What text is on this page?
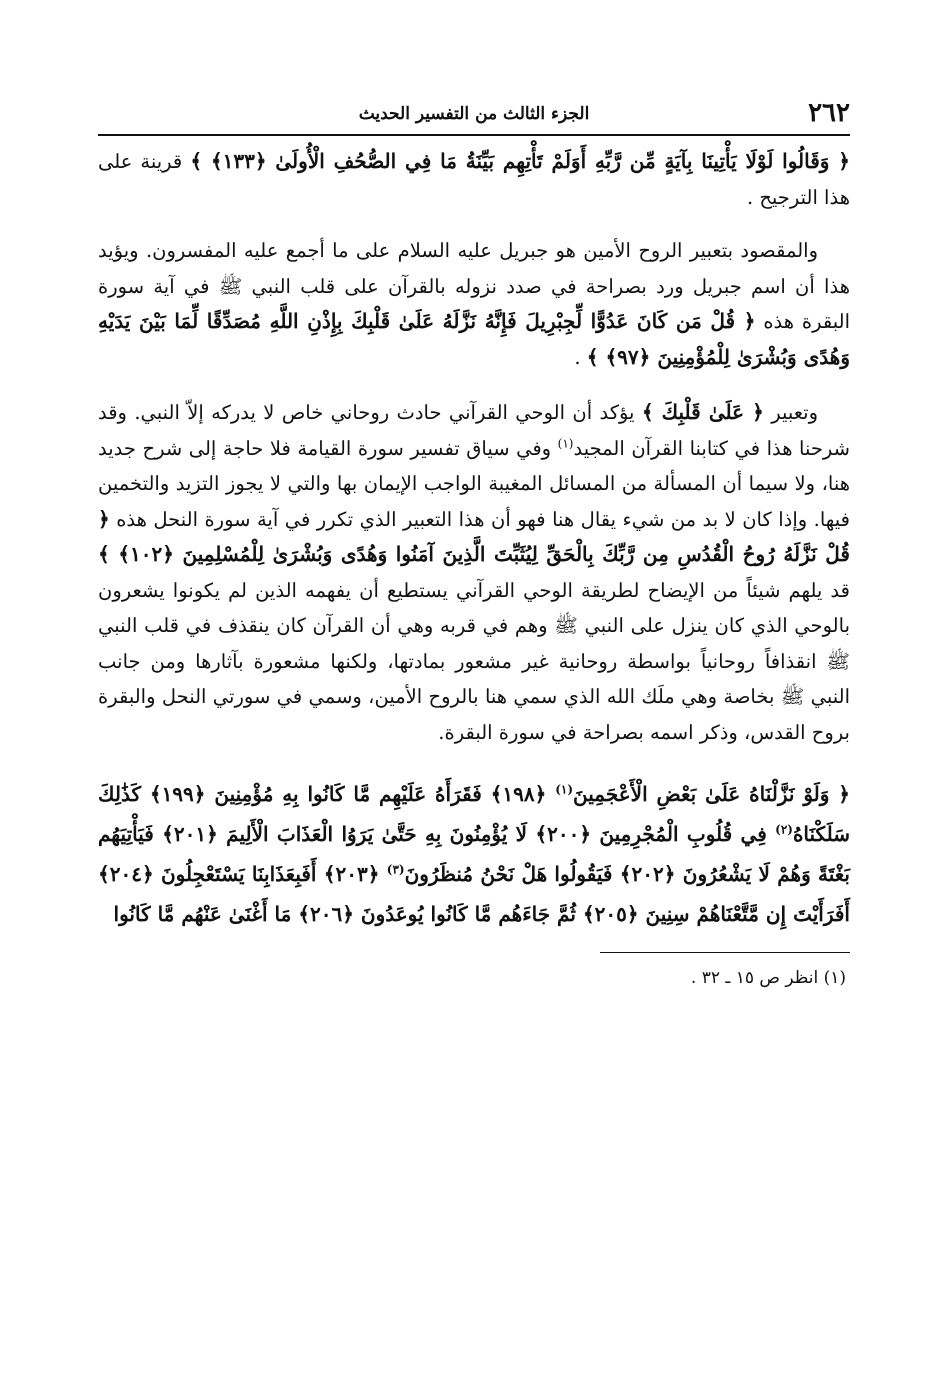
٢٦٢
الجزء الثالث من التفسير الحديث

﴿ وَقَالُوا لَوْلَا يَأْتِينَا بِآيَةٍ مِّن رَّبِّهِ أَوَلَمْ تَأْتِهِم بَيِّنَةُ مَا فِي الصُّحُفِ الْأُولَىٰ ﴿١٣٣﴾ ﴾ قرينة على هذا الترجيح .

والمقصود بتعبير الروح الأمين هو جبريل عليه السلام على ما أجمع عليه المفسرون. ويؤيد هذا أن اسم جبريل ورد بصراحة في صدد نزوله بالقرآن على قلب النبي ﷺ في آية سورة البقرة هذه ﴿ قُلْ مَن كَانَ عَدُوًّا لِّجِبْرِيلَ فَإِنَّهُ نَزَّلَهُ عَلَىٰ قَلْبِكَ بِإِذْنِ اللَّهِ مُصَدِّقًا لِّمَا بَيْنَ يَدَيْهِ وَهُدًى وَبُشْرَىٰ لِلْمُؤْمِنِينَ ﴿٩٧﴾ ﴾ .

وتعبير ﴿ عَلَىٰ قَلْبِكَ ﴾ يؤكد أن الوحي القرآني حادث روحاني خاص لا يدركه إلاّ النبي. وقد شرحنا هذا في كتابنا القرآن المجيد$^{(١)}$ وفي سياق تفسير سورة القيامة فلا حاجة إلى شرح جديد هنا، ولا سيما أن المسألة من المسائل المغيبة الواجب الإيمان بها والتي لا يجوز التزيد والتخمين فيها. وإذا كان لا بد من شيء يقال هنا فهو أن هذا التعبير الذي تكرر في آية سورة النحل هذه ﴿ قُلْ نَزَّلَهُ رُوحُ الْقُدُسِ مِن رَّبِّكَ بِالْحَقِّ لِيُثَبِّتَ الَّذِينَ آمَنُوا وَهُدًى وَبُشْرَىٰ لِلْمُسْلِمِينَ ﴿١٠٢﴾ ﴾ قد يلهم شيئاً من الإيضاح لطريقة الوحي القرآني يستطيع أن يفهمه الذين لم يكونوا يشعرون بالوحي الذي كان ينزل على النبي ﷺ وهم في قربه وهي أن القرآن كان ينقذف في قلب النبي ﷺ انقذافاً روحانياً بواسطة روحانية غير مشعور بمادتها، ولكنها مشعورة بآثارها ومن جانب النبي ﷺ بخاصة وهي ملَك الله الذي سمي هنا بالروح الأمين، وسمي في سورتي النحل والبقرة بروح القدس، وذكر اسمه بصراحة في سورة البقرة.

﴿ وَلَوْ نَزَّلْنَاهُ عَلَىٰ بَعْضِ الْأَعْجَمِينَ$^{(١)}$ ﴿١٩٨﴾ فَقَرَأَهُ عَلَيْهِم مَّا كَانُوا بِهِ مُؤْمِنِينَ ﴿١٩٩﴾ كَذَٰلِكَ سَلَكْنَاهُ$^{(٢)}$ فِي قُلُوبِ الْمُجْرِمِينَ ﴿٢٠٠﴾ لَا يُؤْمِنُونَ بِهِ حَتَّىٰ يَرَوُا الْعَذَابَ الْأَلِيمَ ﴿٢٠١﴾ فَيَأْتِيَهُم بَغْتَةً وَهُمْ لَا يَشْعُرُونَ ﴿٢٠٢﴾ فَيَقُولُوا هَلْ نَحْنُ مُنظَرُونَ$^{(٣)}$ ﴿٢٠٣﴾ أَفَبِعَذَابِنَا يَسْتَعْجِلُونَ ﴿٢٠٤﴾ أَفَرَأَيْتَ إِن مَّتَّعْنَاهُمْ سِنِينَ ﴿٢٠٥﴾ ثُمَّ جَاءَهُم مَّا كَانُوا يُوعَدُونَ ﴿٢٠٦﴾ مَا أَغْنَىٰ عَنْهُم مَّا كَانُوا
(١) انظر ص ١٥ ـ ٣٢ .
